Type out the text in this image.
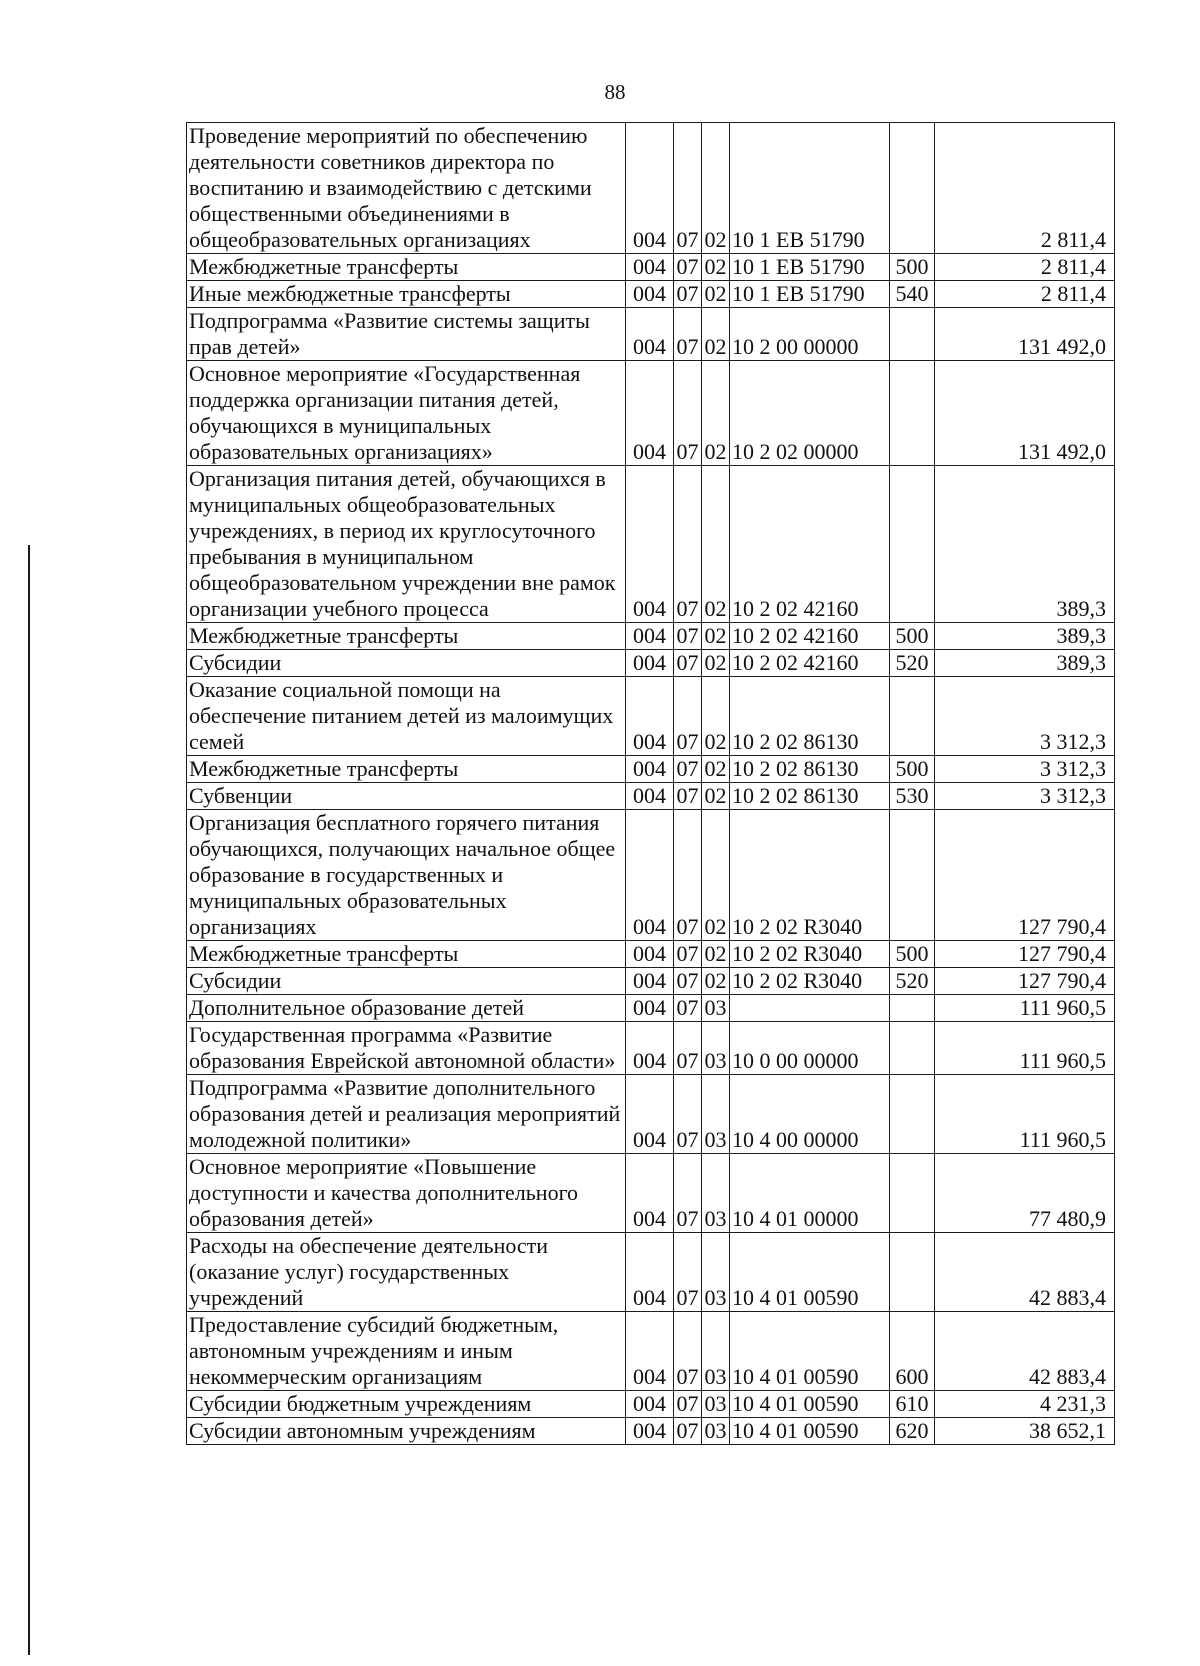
88
Проведение мероприятий по обеспечению деятельности советников директора по воспитанию и взаимодействию с детскими общественными объединениями в общеобразовательных организациях	004	07	02	10 1 ЕВ 51790		2 811,4
Межбюджетные трансферты	004	07	02	10 1 ЕВ 51790	500	2 811,4
Иные межбюджетные трансферты	004	07	02	10 1 ЕВ 51790	540	2 811,4
Подпрограмма «Развитие системы защиты прав детей»	004	07	02	10 2 00 00000		131 492,0
Основное мероприятие «Государственная поддержка организации питания детей, обучающихся в муниципальных образовательных организациях»	004	07	02	10 2 02 00000		131 492,0
Организация питания детей, обучающихся в муниципальных общеобразовательных учреждениях, в период их круглосуточного пребывания в муниципальном общеобразовательном учреждении вне рамок организации учебного процесса	004	07	02	10 2 02 42160		389,3
Межбюджетные трансферты	004	07	02	10 2 02 42160	500	389,3
Субсидии	004	07	02	10 2 02 42160	520	389,3
Оказание социальной помощи на обеспечение питанием детей из малоимущих семей	004	07	02	10 2 02 86130		3 312,3
Межбюджетные трансферты	004	07	02	10 2 02 86130	500	3 312,3
Субвенции	004	07	02	10 2 02 86130	530	3 312,3
Организация бесплатного горячего питания обучающихся, получающих начальное общее образование в государственных и муниципальных образовательных организациях	004	07	02	10 2 02 R3040		127 790,4
Межбюджетные трансферты	004	07	02	10 2 02 R3040	500	127 790,4
Субсидии	004	07	02	10 2 02 R3040	520	127 790,4
Дополнительное образование детей	004	07	03			111 960,5
Государственная программа «Развитие образования Еврейской автономной области»	004	07	03	10 0 00 00000		111 960,5
Подпрограмма «Развитие дополнительного образования детей и реализация мероприятий молодежной политики»	004	07	03	10 4 00 00000		111 960,5
Основное мероприятие «Повышение доступности и качества дополнительного образования детей»	004	07	03	10 4 01 00000		77 480,9
Расходы на обеспечение деятельности (оказание услуг) государственных учреждений	004	07	03	10 4 01 00590		42 883,4
Предоставление субсидий бюджетным, автономным учреждениям и иным некоммерческим организациям	004	07	03	10 4 01 00590	600	42 883,4
Субсидии бюджетным учреждениям	004	07	03	10 4 01 00590	610	4 231,3
Субсидии автономным учреждениям	004	07	03	10 4 01 00590	620	38 652,1
